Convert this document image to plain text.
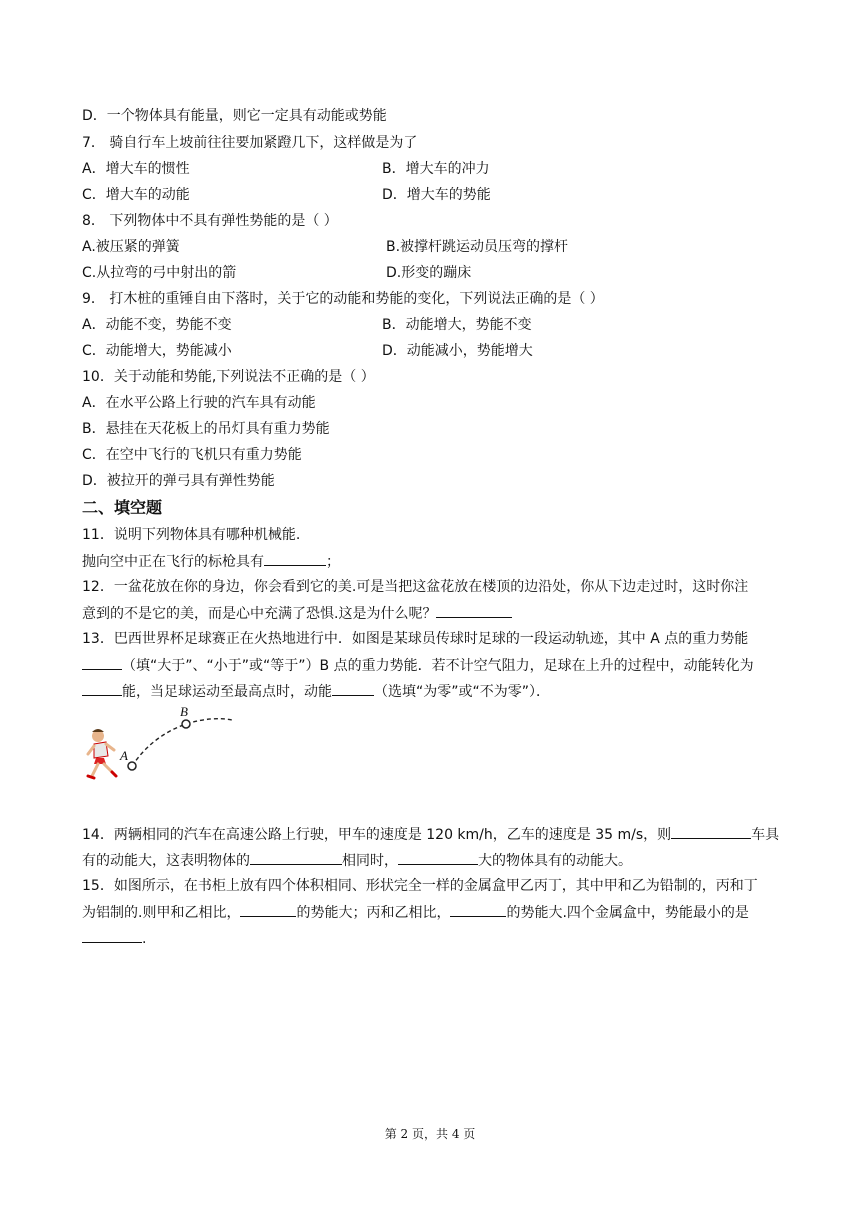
D．一个物体具有能量，则它一定具有动能或势能
7． 骑自行车上坡前往往要加紧蹬几下，这样做是为了
A．增大车的惯性	B．增大车的冲力
C．增大车的动能	D．增大车的势能
8． 下列物体中不具有弹性势能的是（ ）
A.被压紧的弹簧	B.被撑杆跳运动员压弯的撑杆
C.从拉弯的弓中射出的箭	D.形变的蹦床
9． 打木桩的重锤自由下落时，关于它的动能和势能的变化，下列说法正确的是（ ）
A．动能不变，势能不变	B．动能增大，势能不变
C．动能增大，势能减小	D．动能减小，势能增大
10．关于动能和势能,下列说法不正确的是（ ）
A．在水平公路上行驶的汽车具有动能
B．悬挂在天花板上的吊灯具有重力势能
C．在空中飞行的飞机只有重力势能
D．被拉开的弹弓具有弹性势能
二、填空题
11．说明下列物体具有哪种机械能.
抛向空中正在飞行的标枪具有	；
12．一盆花放在你的身边，你会看到它的美.可是当把这盆花放在楼顶的边沿处，你从下边走过时，这时你注
意到的不是它的美，而是心中充满了恐惧.这是为什么呢？
13．巴西世界杯足球赛正在火热地进行中．如图是某球员传球时足球的一段运动轨迹，其中 A 点的重力势能
（填“大于”、“小于”或“等于”）B 点的重力势能．若不计空气阻力，足球在上升的过程中，动能转化为
能，当足球运动至最高点时，动能	（选填“为零”或“不为零”）．
A
B
14．两辆相同的汽车在高速公路上行驶，甲车的速度是 120 km/h，乙车的速度是 35 m/s，则	车具
有的动能大，这表明物体的	相同时，	大的物体具有的动能大。
15．如图所示，在书柜上放有四个体积相同、形状完全一样的金属盒甲乙丙丁，其中甲和乙为铅制的，丙和丁
为铝制的.则甲和乙相比，	的势能大；丙和乙相比，	的势能大.四个金属盒中，势能最小的是
.
第 2 页，共 4 页
